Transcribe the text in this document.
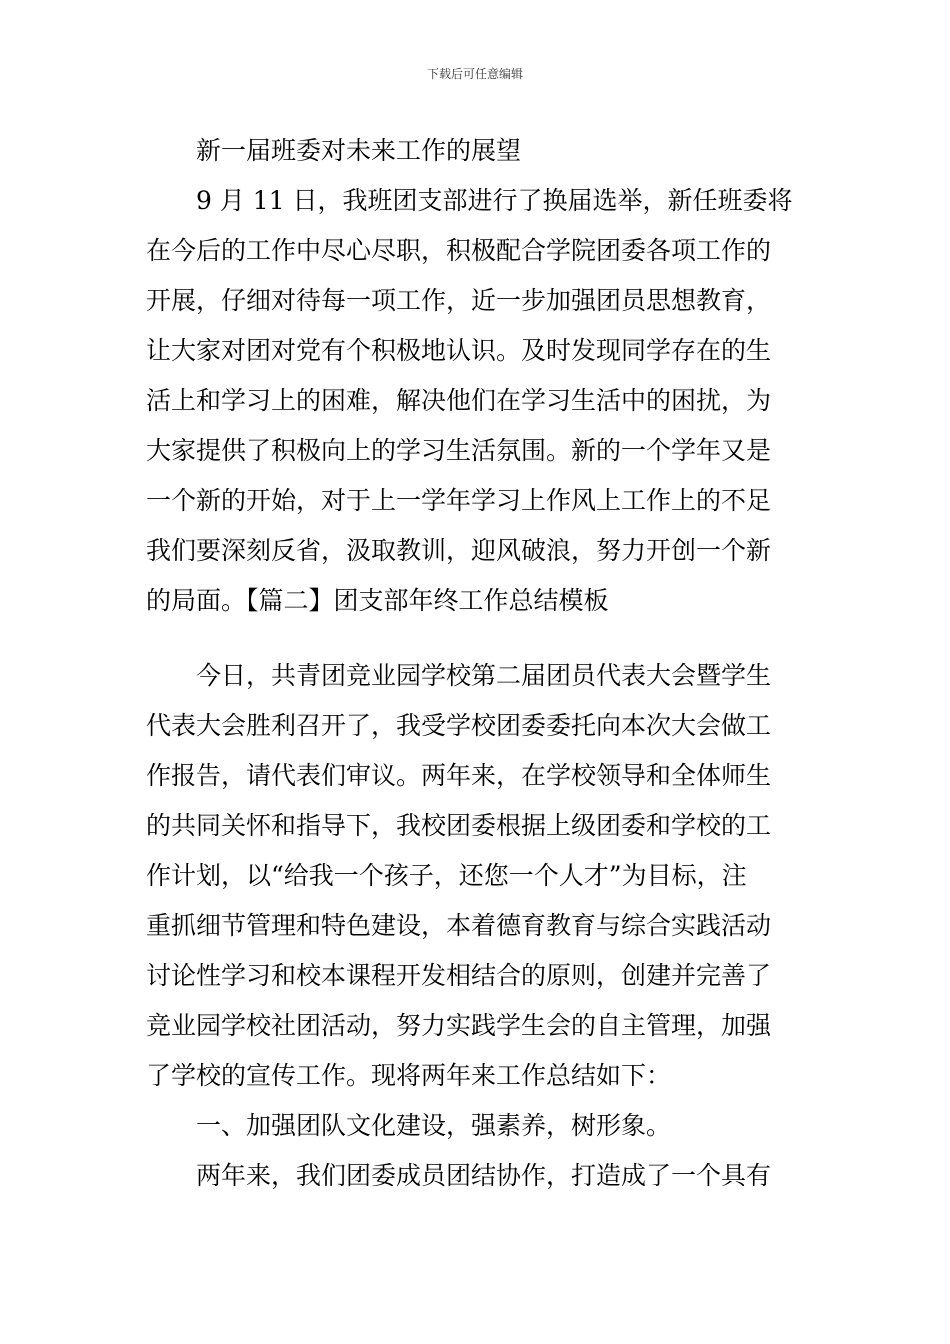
下载后可任意编辑
新一届班委对未来工作的展望
9 月 11 日，我班团支部进行了换届选举，新任班委将
在今后的工作中尽心尽职，积极配合学院团委各项工作的
开展，仔细对待每一项工作，近一步加强团员思想教育，
让大家对团对党有个积极地认识。及时发现同学存在的生
活上和学习上的困难，解决他们在学习生活中的困扰，为
大家提供了积极向上的学习生活氛围。新的一个学年又是
一个新的开始，对于上一学年学习上作风上工作上的不足
我们要深刻反省，汲取教训，迎风破浪，努力开创一个新
的局面。【篇二】团支部年终工作总结模板
今日，共青团竞业园学校第二届团员代表大会暨学生
代表大会胜利召开了，我受学校团委委托向本次大会做工
作报告，请代表们审议。两年来，在学校领导和全体师生
的共同关怀和指导下，我校团委根据上级团委和学校的工
作计划，以“给我一个孩子，还您一个人才”为目标，注
重抓细节管理和特色建设，本着德育教育与综合实践活动
讨论性学习和校本课程开发相结合的原则，创建并完善了
竞业园学校社团活动，努力实践学生会的自主管理，加强
了学校的宣传工作。现将两年来工作总结如下：
一、加强团队文化建设，强素养，树形象。
两年来，我们团委成员团结协作，打造成了一个具有
